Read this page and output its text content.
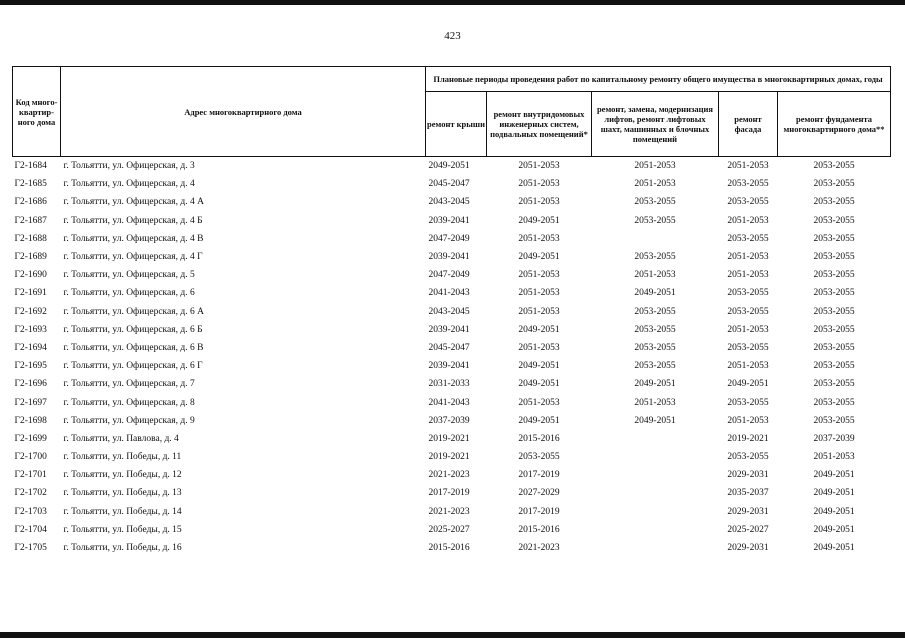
423
Код много-квартир-ного дома	Адрес многоквартирного дома	Плановые периоды проведения работ по капитальному ремонту общего имущества в многоквартирных домах, годы				
		ремонт крыши	ремонт внутридомовых инженерных систем, подвальных помещений*	ремонт, замена, модернизация лифтов, ремонт лифтовых шахт, машинных и блочных помещений	ремонт фасада	ремонт фундамента многоквартирного дома**
Г2-1684	г. Тольятти, ул. Офицерская, д. 3	2049-2051	2051-2053	2051-2053	2051-2053	2053-2055
Г2-1685	г. Тольятти, ул. Офицерская, д. 4	2045-2047	2051-2053	2051-2053	2053-2055	2053-2055
Г2-1686	г. Тольятти, ул. Офицерская, д. 4 А	2043-2045	2051-2053	2053-2055	2053-2055	2053-2055
Г2-1687	г. Тольятти, ул. Офицерская, д. 4 Б	2039-2041	2049-2051	2053-2055	2051-2053	2053-2055
Г2-1688	г. Тольятти, ул. Офицерская, д. 4 В	2047-2049	2051-2053		2053-2055	2053-2055
Г2-1689	г. Тольятти, ул. Офицерская, д. 4 Г	2039-2041	2049-2051	2053-2055	2051-2053	2053-2055
Г2-1690	г. Тольятти, ул. Офицерская, д. 5	2047-2049	2051-2053	2051-2053	2051-2053	2053-2055
Г2-1691	г. Тольятти, ул. Офицерская, д. 6	2041-2043	2051-2053	2049-2051	2053-2055	2053-2055
Г2-1692	г. Тольятти, ул. Офицерская, д. 6 А	2043-2045	2051-2053	2053-2055	2053-2055	2053-2055
Г2-1693	г. Тольятти, ул. Офицерская, д. 6 Б	2039-2041	2049-2051	2053-2055	2051-2053	2053-2055
Г2-1694	г. Тольятти, ул. Офицерская, д. 6 В	2045-2047	2051-2053	2053-2055	2053-2055	2053-2055
Г2-1695	г. Тольятти, ул. Офицерская, д. 6 Г	2039-2041	2049-2051	2053-2055	2051-2053	2053-2055
Г2-1696	г. Тольятти, ул. Офицерская, д. 7	2031-2033	2049-2051	2049-2051	2049-2051	2053-2055
Г2-1697	г. Тольятти, ул. Офицерская, д. 8	2041-2043	2051-2053	2051-2053	2053-2055	2053-2055
Г2-1698	г. Тольятти, ул. Офицерская, д. 9	2037-2039	2049-2051	2049-2051	2051-2053	2053-2055
Г2-1699	г. Тольятти, ул. Павлова, д. 4	2019-2021	2015-2016		2019-2021	2037-2039
Г2-1700	г. Тольятти, ул. Победы, д. 11	2019-2021	2053-2055		2053-2055	2051-2053
Г2-1701	г. Тольятти, ул. Победы, д. 12	2021-2023	2017-2019		2029-2031	2049-2051
Г2-1702	г. Тольятти, ул. Победы, д. 13	2017-2019	2027-2029		2035-2037	2049-2051
Г2-1703	г. Тольятти, ул. Победы, д. 14	2021-2023	2017-2019		2029-2031	2049-2051
Г2-1704	г. Тольятти, ул. Победы, д. 15	2025-2027	2015-2016		2025-2027	2049-2051
Г2-1705	г. Тольятти, ул. Победы, д. 16	2015-2016	2021-2023		2029-2031	2049-2051
